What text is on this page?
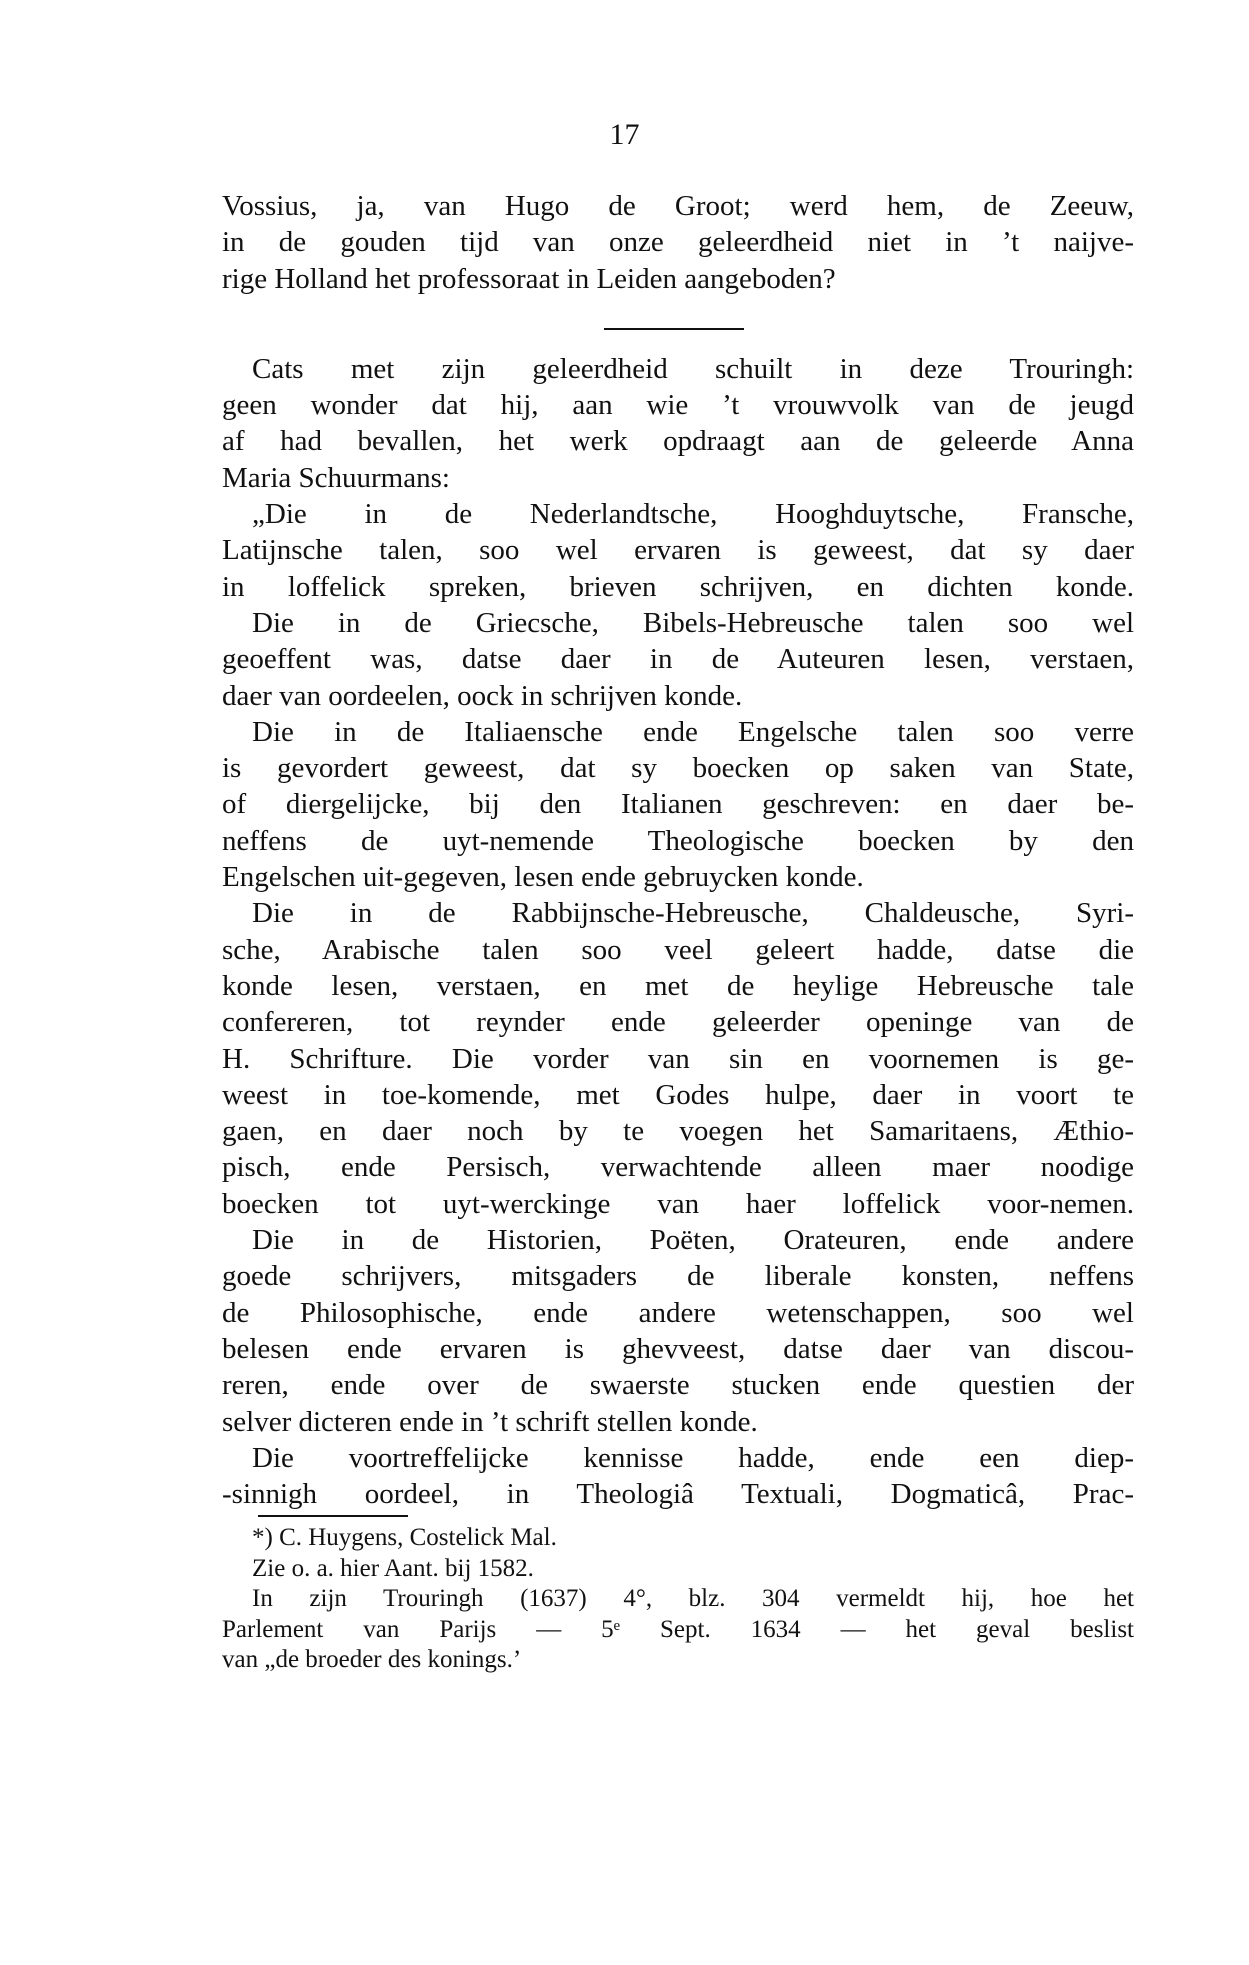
17

Vossius, ja, van Hugo de Groot; werd hem, de Zeeuw,
in de gouden tijd van onze geleerdheid niet in ’t naijve-
rige Holland het professoraat in Leiden aangeboden?

Cats met zijn geleerdheid schuilt in deze Trouringh:
geen wonder dat hij, aan wie ’t vrouwvolk van de jeugd
af had bevallen, het werk opdraagt aan de geleerde Anna
Maria Schuurmans:

„Die in de Nederlandtsche, Hooghduytsche, Fransche,
Latijnsche talen, soo wel ervaren is geweest, dat sy daer
in loffelick spreken, brieven schrijven, en dichten konde.

Die in de Griecsche, Bibels-Hebreusche talen soo wel
geoeffent was, datse daer in de Auteuren lesen, verstaen,
daer van oordeelen, oock in schrijven konde.

Die in de Italiaensche ende Engelsche talen soo verre
is gevordert geweest, dat sy boecken op saken van State,
of diergelijcke, bij den Italianen geschreven: en daer be-
neffens de uyt-nemende Theologische boecken by den
Engelschen uit-gegeven, lesen ende gebruycken konde.

Die in de Rabbijnsche-Hebreusche, Chaldeusche, Syri-
sche, Arabische talen soo veel geleert hadde, datse die
konde lesen, verstaen, en met de heylige Hebreusche tale
confereren, tot reynder ende geleerder openinge van de
H. Schrifture. Die vorder van sin en voornemen is ge-
weest in toe-komende, met Godes hulpe, daer in voort te
gaen, en daer noch by te voegen het Samaritaens, Æthio-
pisch, ende Persisch, verwachtende alleen maer noodige
boecken tot uyt-werckinge van haer loffelick voor-nemen.

Die in de Historien, Poëten, Orateuren, ende andere
goede schrijvers, mitsgaders de liberale konsten, neffens
de Philosophische, ende andere wetenschappen, soo wel
belesen ende ervaren is ghevveest, datse daer van discou-
reren, ende over de swaerste stucken ende questien der
selver dicteren ende in ’t schrift stellen konde.

Die voortreffelijcke kennisse hadde, ende een diep-
-sinnigh oordeel, in Theologiâ Textuali, Dogmaticâ, Prac-

*) C. Huygens, Costelick Mal.
Zie o. a. hier Aant. bij 1582.
In zijn Trouringh (1637) 4°, blz. 304 vermeldt hij, hoe het
Parlement van Parijs — 5ᵉ Sept. 1634 — het geval beslist
van „de broeder des konings.’
